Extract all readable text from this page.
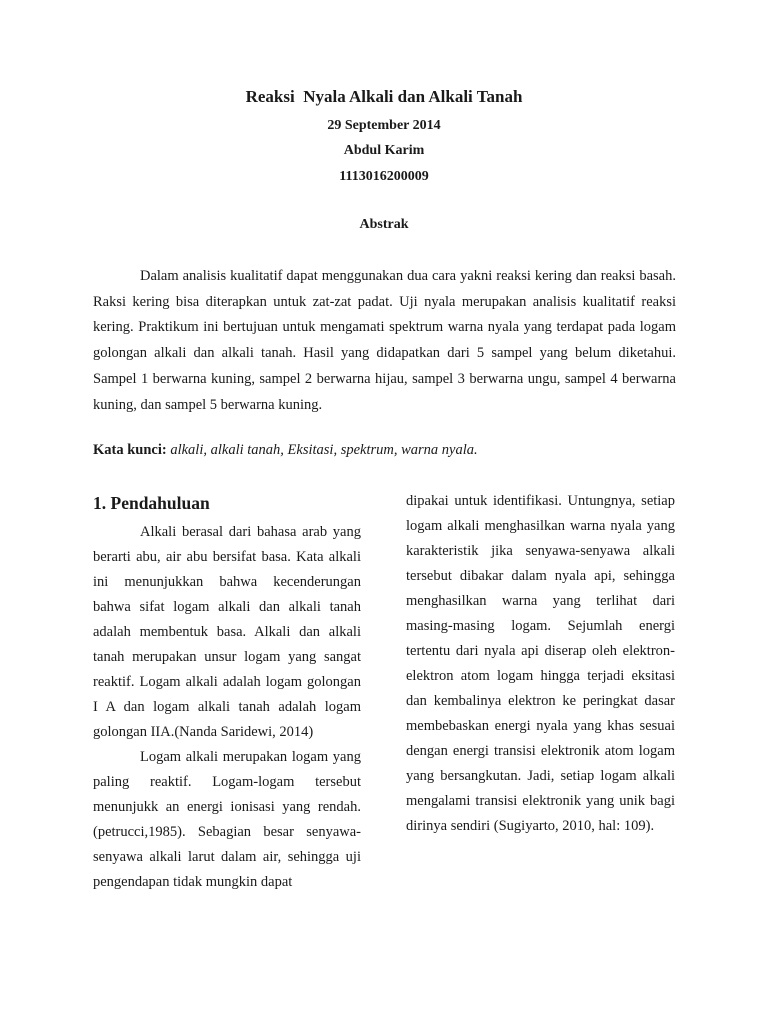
Reaksi  Nyala Alkali dan Alkali Tanah
29 September 2014
Abdul Karim
1113016200009
Abstrak

Dalam analisis kualitatif dapat menggunakan dua cara yakni reaksi kering dan reaksi basah. Raksi kering bisa diterapkan untuk zat-zat padat. Uji nyala merupakan analisis kualitatif reaksi kering. Praktikum ini bertujuan untuk mengamati spektrum warna nyala yang terdapat pada logam golongan alkali dan alkali tanah. Hasil yang didapatkan dari 5 sampel yang belum diketahui. Sampel 1 berwarna kuning, sampel 2 berwarna hijau, sampel 3 berwarna ungu, sampel 4 berwarna kuning, dan sampel 5 berwarna kuning.

Kata kunci: alkali, alkali tanah, Eksitasi, spektrum, warna nyala.

1. Pendahuluan

Alkali berasal dari bahasa arab yang berarti abu, air abu bersifat basa. Kata alkali ini menunjukkan bahwa kecenderungan bahwa sifat logam alkali dan alkali tanah adalah membentuk basa. Alkali dan alkali tanah merupakan unsur logam yang sangat reaktif. Logam alkali adalah logam golongan I A dan logam alkali tanah adalah logam golongan IIA.(Nanda Saridewi, 2014)

Logam alkali merupakan logam yang paling reaktif. Logam-logam tersebut menunjukk an energi ionisasi yang rendah. (petrucci,1985). Sebagian besar senyawa-senyawa alkali larut dalam air, sehingga uji pengendapan tidak mungkin dapat

dipakai untuk identifikasi. Untungnya, setiap logam alkali menghasilkan warna nyala yang karakteristik jika senyawa-senyawa alkali tersebut dibakar dalam nyala api, sehingga menghasilkan warna yang terlihat dari masing-masing logam. Sejumlah energi tertentu dari nyala api diserap oleh elektron-elektron atom logam hingga terjadi eksitasi dan kembalinya elektron ke peringkat dasar membebaskan energi nyala yang khas sesuai dengan energi transisi elektronik atom logam yang bersangkutan. Jadi, setiap logam alkali mengalami transisi elektronik yang unik bagi dirinya sendiri (Sugiyarto, 2010, hal: 109).
